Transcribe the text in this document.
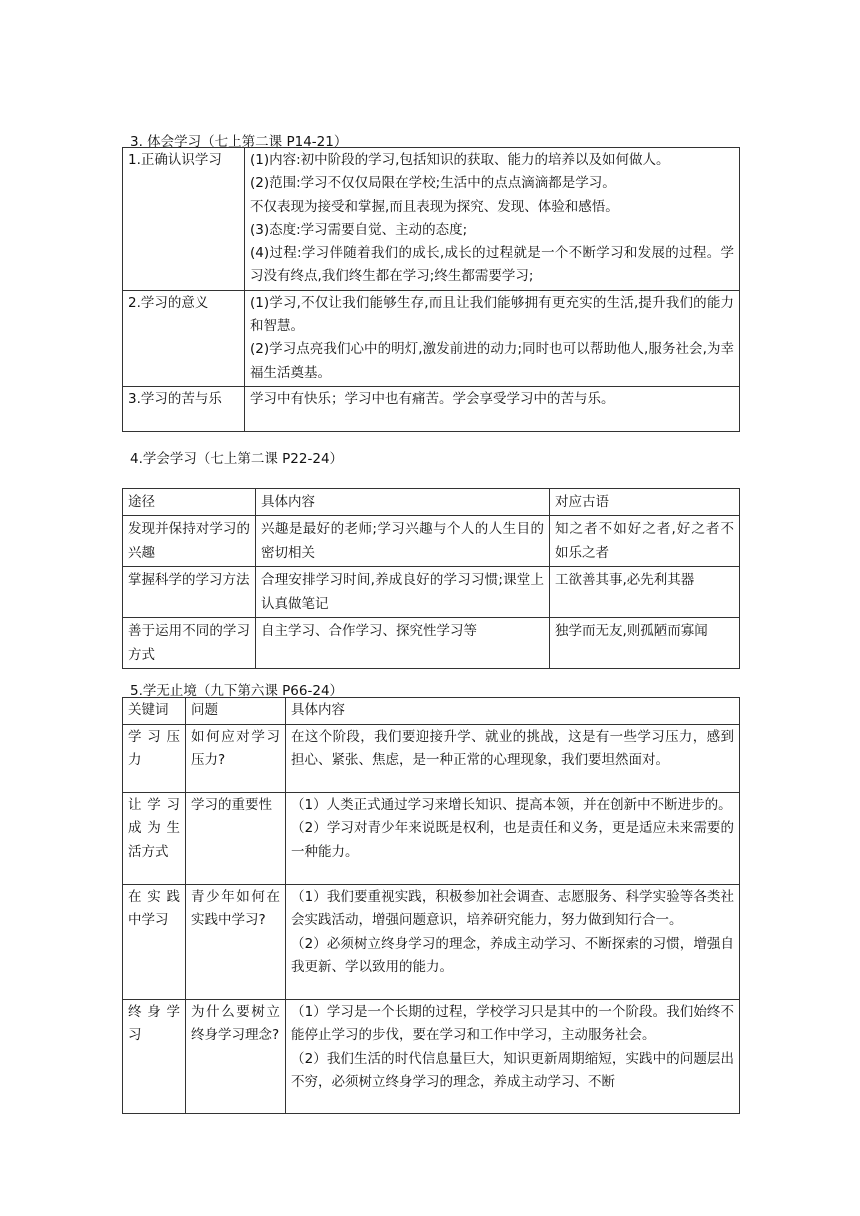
3. 体会学习（七上第二课 P14-21）

1.正确认识学习	(1)内容:初中阶段的学习,包括知识的获取、能力的培养以及如何做人。
(2)范围:学习不仅仅局限在学校;生活中的点点滴滴都是学习。
不仅表现为接受和掌握,而且表现为探究、发现、体验和感悟。
(3)态度:学习需要自觉、主动的态度;
(4)过程:学习伴随着我们的成长,成长的过程就是一个不断学习和发展的过程。学习没有终点,我们终生都在学习;终生都需要学习;

2.学习的意义	(1)学习,不仅让我们能够生存,而且让我们能够拥有更充实的生活,提升我们的能力和智慧。
(2)学习点亮我们心中的明灯,激发前进的动力;同时也可以帮助他人,服务社会,为幸福生活奠基。

3.学习的苦与乐	学习中有快乐；学习中也有痛苦。学会享受学习中的苦与乐。

4.学会学习（七上第二课 P22-24）

途径	具体内容	对应古语
发现并保持对学习的兴趣	兴趣是最好的老师;学习兴趣与个人的人生目的密切相关	知之者不如好之者,好之者不如乐之者
掌握科学的学习方法	合理安排学习时间,养成良好的学习习惯;课堂上认真做笔记	工欲善其事,必先利其器
善于运用不同的学习方式	自主学习、合作学习、探究性学习等	独学而无友,则孤陋而寡闻

5.学无止境（九下第六课 P66-24）

关键词	问题	具体内容
学习压力	如何应对学习压力?	在这个阶段，我们要迎接升学、就业的挑战，这是有一些学习压力，感到担心、紧张、焦虑，是一种正常的心理现象，我们要坦然面对。

让学习成为生活方式	学习的重要性	（1）人类正式通过学习来增长知识、提高本领，并在创新中不断进步的。
（2）学习对青少年来说既是权利，也是责任和义务，更是适应未来需要的一种能力。

在实践中学习	青少年如何在实践中学习?	（1）我们要重视实践，积极参加社会调查、志愿服务、科学实验等各类社会实践活动，增强问题意识，培养研究能力，努力做到知行合一。
（2）必须树立终身学习的理念，养成主动学习、不断探索的习惯，增强自我更新、学以致用的能力。

终身学习	为什么要树立终身学习理念?	（1）学习是一个长期的过程，学校学习只是其中的一个阶段。我们始终不能停止学习的步伐，要在学习和工作中学习，主动服务社会。
（2）我们生活的时代信息量巨大，知识更新周期缩短，实践中的问题层出不穷，必须树立终身学习的理念，养成主动学习、不断
